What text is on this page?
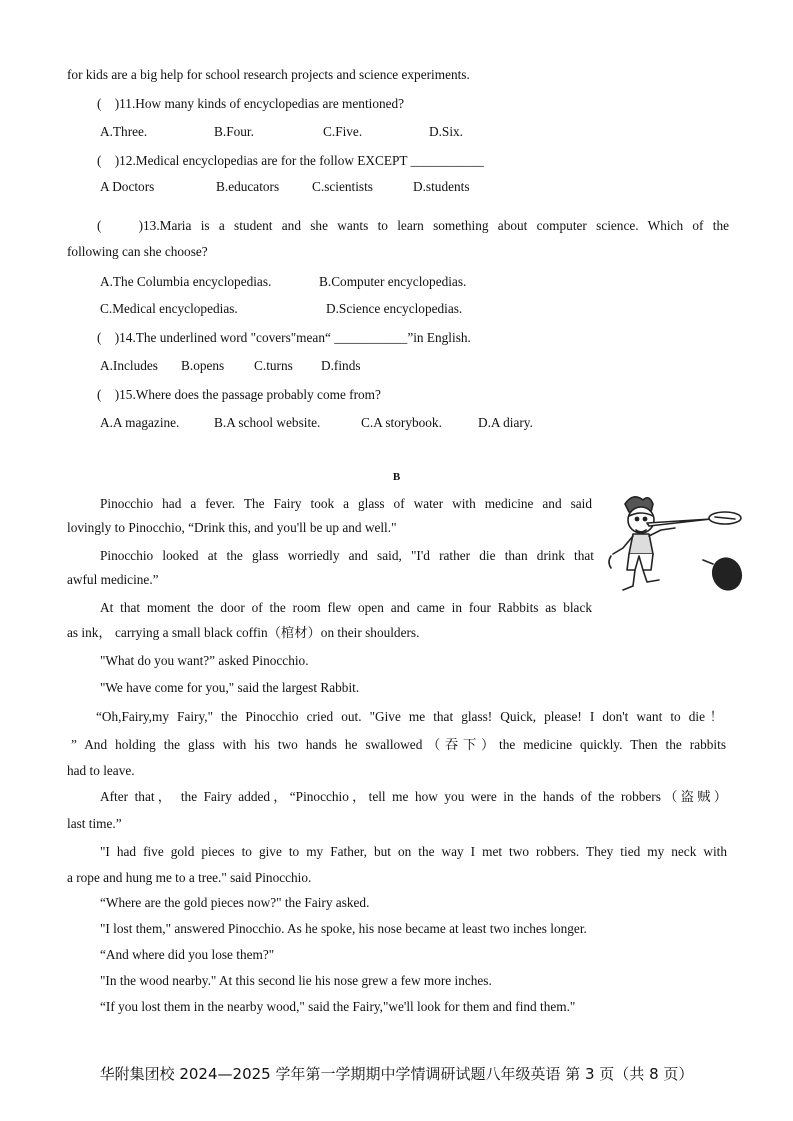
for kids are a big help for school research projects and science experiments.
(    )11.How many kinds of encyclopedias are mentioned?
A.Three.	B.Four.	C.Five.	D.Six.
(    )12.Medical encyclopedias are for the follow EXCEPT ___________
A Doctors	B.educators C.scientists	D.students
(    )13.Maria is a student and she wants to learn something about computer science. Which of the
following can she choose?
A.The Columbia encyclopedias.	B.Computer encyclopedias.
C.Medical encyclopedias.	D.Science encyclopedias.
(    )14.The underlined word "covers"mean“ ___________”in English.
A.Includes B.opens C.turns D.finds
(    )15.Where does the passage probably come from?
A.A magazine.	B.A school website.	C.A storybook.	D.A diary.
B
Pinocchio had a fever. The Fairy took a glass of water with medicine and said
lovingly to Pinocchio, “Drink this, and you'll be up and well."
Pinocchio looked at the glass worriedly and said, "I'd rather die than drink that
awful medicine.”
At that moment the door of the room flew open and came in four Rabbits as black
as ink， carrying a small black coffin（棺材）on their shoulders.
"What do you want?” asked Pinocchio.
"We have come for you," said the largest Rabbit.
“Oh,Fairy,my Fairy," the Pinocchio cried out. "Give me that glass! Quick, please! I don't want to die！
” And holding the glass with his two hands he swallowed（吞下）the medicine quickly. Then the rabbits
had to leave.
After that， the Fairy added，“Pinocchio，tell me how you were in the hands of the robbers（盗贼）
last time.”
"I had five gold pieces to give to my Father, but on the way I met two robbers. They tied my neck with
a rope and hung me to a tree." said Pinocchio.
“Where are the gold pieces now?" the Fairy asked.
"I lost them," answered Pinocchio. As he spoke, his nose became at least two inches longer.
“And where did you lose them?"
"In the wood nearby." At this second lie his nose grew a few more inches.
“If you lost them in the nearby wood," said the Fairy,"we'll look for them and find them."
华附集团校 2024—2025 学年第一学期期中学情调研试题八年级英语 第 3 页（共 8 页）
